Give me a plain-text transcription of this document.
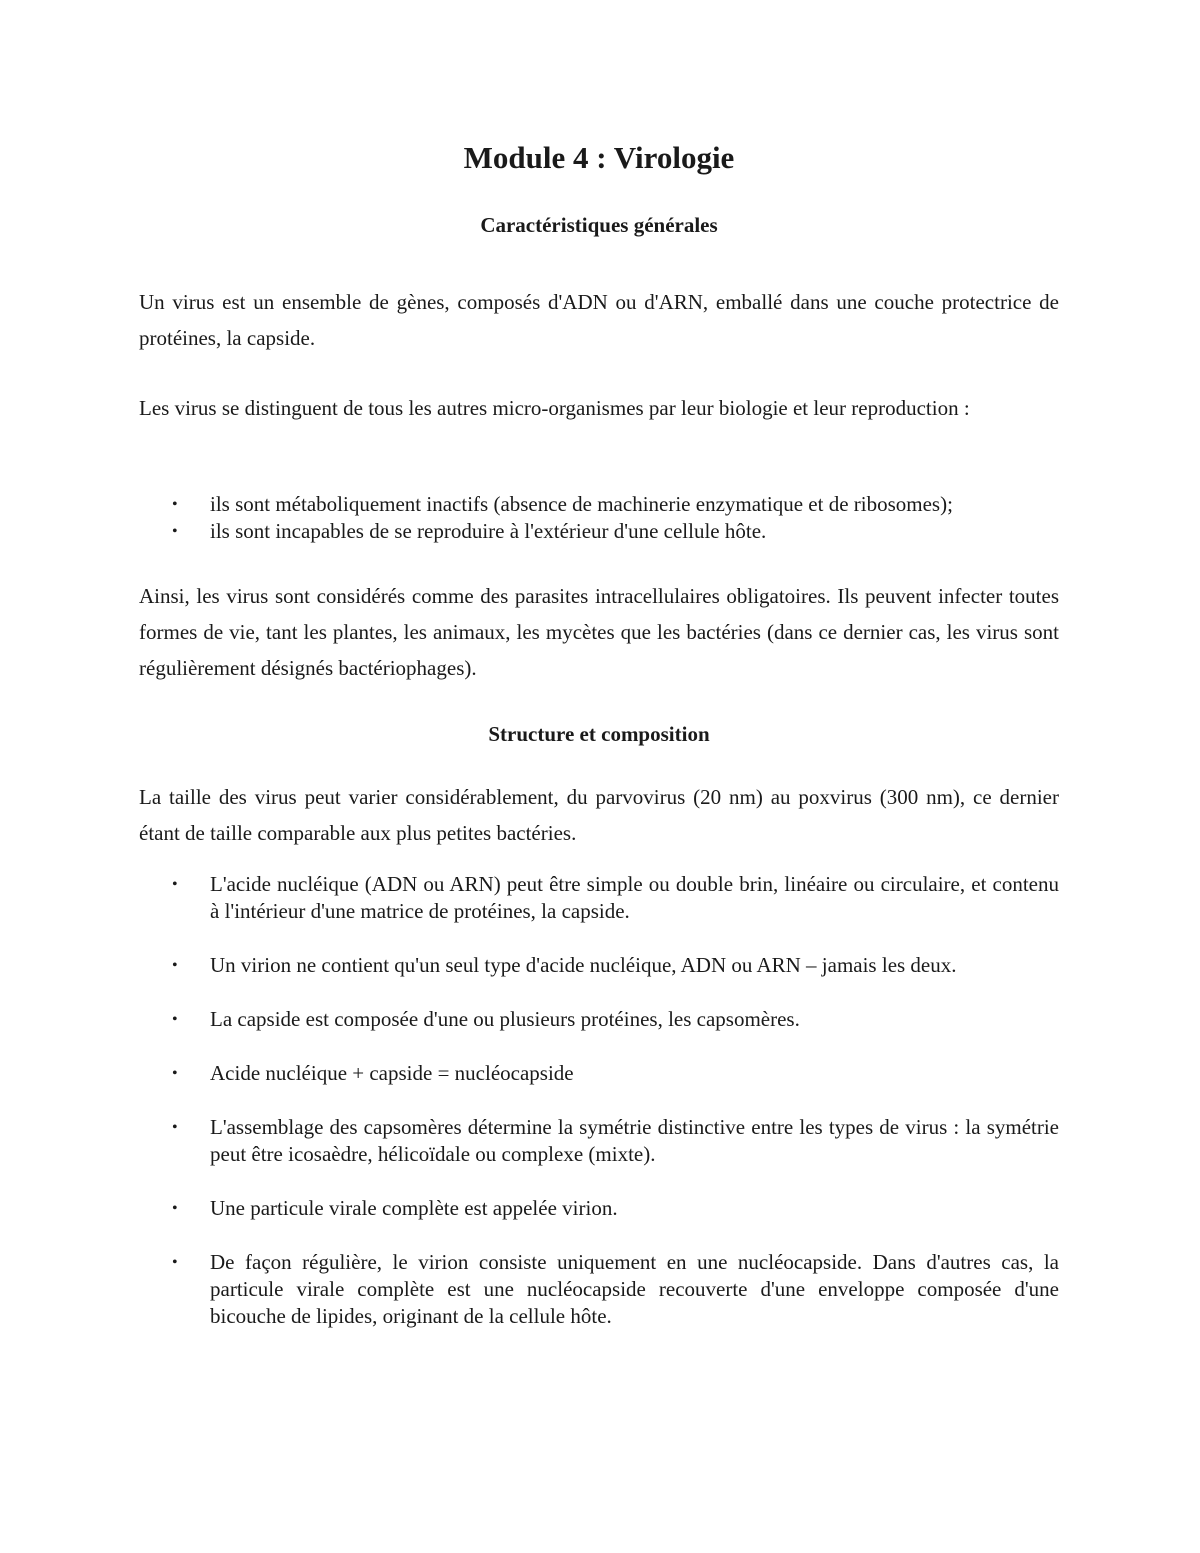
Module 4 : Virologie
Caractéristiques générales

Un virus est un ensemble de gènes, composés d'ADN ou d'ARN, emballé dans une couche protectrice de protéines, la capside.

Les virus se distinguent de tous les autres micro-organismes par leur biologie et leur reproduction :

• ils sont métaboliquement inactifs (absence de machinerie enzymatique et de ribosomes);
• ils sont incapables de se reproduire à l'extérieur d'une cellule hôte.

Ainsi, les virus sont considérés comme des parasites intracellulaires obligatoires. Ils peuvent infecter toutes formes de vie, tant les plantes, les animaux, les mycètes que les bactéries (dans ce dernier cas, les virus sont régulièrement désignés bactériophages).

Structure et composition

La taille des virus peut varier considérablement, du parvovirus (20 nm) au poxvirus (300 nm), ce dernier étant de taille comparable aux plus petites bactéries.

• L'acide nucléique (ADN ou ARN) peut être simple ou double brin, linéaire ou circulaire, et contenu à l'intérieur d'une matrice de protéines, la capside.
• Un virion ne contient qu'un seul type d'acide nucléique, ADN ou ARN – jamais les deux.
• La capside est composée d'une ou plusieurs protéines, les capsomères.
• Acide nucléique + capside = nucléocapside
• L'assemblage des capsomères détermine la symétrie distinctive entre les types de virus : la symétrie peut être icosaèdre, hélicoïdale ou complexe (mixte).
• Une particule virale complète est appelée virion.
• De façon régulière, le virion consiste uniquement en une nucléocapside. Dans d'autres cas, la particule virale complète est une nucléocapside recouverte d'une enveloppe composée d'une bicouche de lipides, originant de la cellule hôte.
